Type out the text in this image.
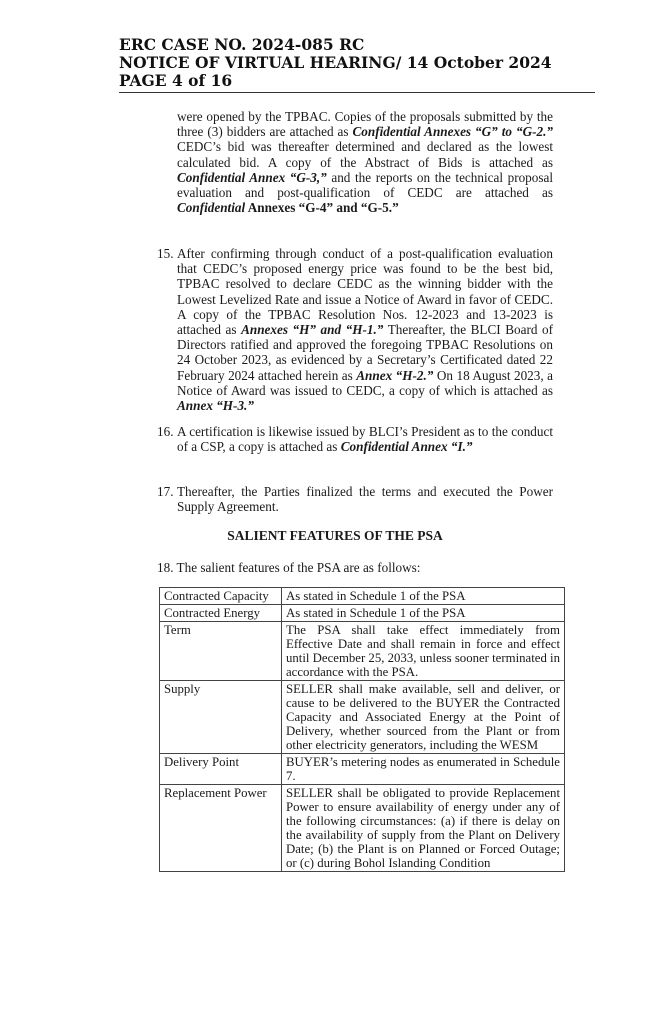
ERC CASE NO. 2024-085 RC
NOTICE OF VIRTUAL HEARING/ 14 October 2024
PAGE 4 of 16
were opened by the TPBAC. Copies of the proposals submitted by the three (3) bidders are attached as Confidential Annexes “G” to “G-2.” CEDC’s bid was thereafter determined and declared as the lowest calculated bid. A copy of the Abstract of Bids is attached as Confidential Annex “G-3,” and the reports on the technical proposal evaluation and post-qualification of CEDC are attached as Confidential Annexes “G-4” and “G-5.”
15. After confirming through conduct of a post-qualification evaluation that CEDC’s proposed energy price was found to be the best bid, TPBAC resolved to declare CEDC as the winning bidder with the Lowest Levelized Rate and issue a Notice of Award in favor of CEDC. A copy of the TPBAC Resolution Nos. 12-2023 and 13-2023 is attached as Annexes “H” and “H-1.” Thereafter, the BLCI Board of Directors ratified and approved the foregoing TPBAC Resolutions on 24 October 2023, as evidenced by a Secretary’s Certificated dated 22 February 2024 attached herein as Annex “H-2.” On 18 August 2023, a Notice of Award was issued to CEDC, a copy of which is attached as Annex “H-3.”
16. A certification is likewise issued by BLCI’s President as to the conduct of a CSP, a copy is attached as Confidential Annex “I.”
17. Thereafter, the Parties finalized the terms and executed the Power Supply Agreement.
SALIENT FEATURES OF THE PSA
18. The salient features of the PSA are as follows:
Contracted Capacity	As stated in Schedule 1 of the PSA
Contracted Energy	As stated in Schedule 1 of the PSA
Term	The PSA shall take effect immediately from Effective Date and shall remain in force and effect until December 25, 2033, unless sooner terminated in accordance with the PSA.
Supply	SELLER shall make available, sell and deliver, or cause to be delivered to the BUYER the Contracted Capacity and Associated Energy at the Point of Delivery, whether sourced from the Plant or from other electricity generators, including the WESM
Delivery Point	BUYER’s metering nodes as enumerated in Schedule 7.
Replacement Power	SELLER shall be obligated to provide Replacement Power to ensure availability of energy under any of the following circumstances: (a) if there is delay on the availability of supply from the Plant on Delivery Date; (b) the Plant is on Planned or Forced Outage; or (c) during Bohol Islanding Condition
